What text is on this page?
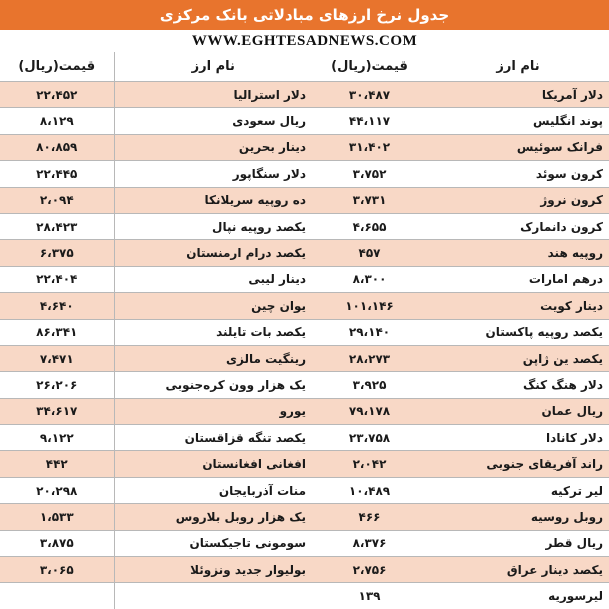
جدول نرخ ارزهای مبادلاتی بانک مرکزی
WWW.EGHTESADNEWS.COM
قیمت(ریال)	نام ارز	قیمت(ریال)	نام ارز
۲۲،۴۵۲	دلار استرالیا	۳۰،۴۸۷	دلار آمریکا
۸،۱۲۹	ریال سعودی	۴۴،۱۱۷	پوند انگلیس
۸۰،۸۵۹	دینار بحرین	۳۱،۴۰۲	فرانک سوئیس
۲۲،۴۴۵	دلار سنگاپور	۳،۷۵۲	کرون سوئد
۲،۰۹۴	ده روپیه سریلانکا	۳،۷۳۱	کرون نروژ
۲۸،۴۲۳	یکصد روپیه نپال	۴،۶۵۵	کرون دانمارک
۶،۳۷۵	یکصد درام ارمنستان	۴۵۷	روپیه هند
۲۲،۴۰۴	دینار لیبی	۸،۳۰۰	درهم امارات
۴،۶۴۰	یوان چین	۱۰۱،۱۴۶	دینار کویت
۸۶،۳۴۱	یکصد بات تایلند	۲۹،۱۴۰	یکصد روپیه پاکستان
۷،۴۷۱	رینگیت مالزی	۲۸،۲۷۳	یکصد ین ژاپن
۲۶،۲۰۶	یک هزار وون کره‌جنوبی	۳،۹۲۵	دلار هنگ کنگ
۳۴،۶۱۷	یورو	۷۹،۱۷۸	ریال عمان
۹،۱۲۲	یکصد تنگه قزاقستان	۲۳،۷۵۸	دلار کانادا
۴۴۲	افغانی افغانستان	۲،۰۴۲	راند آفریقای جنوبی
۲۰،۲۹۸	منات آذربایجان	۱۰،۴۸۹	لیر ترکیه
۱،۵۳۳	یک هزار روبل بلاروس	۴۶۶	روبل روسیه
۳،۸۷۵	سومونی تاجیکستان	۸،۳۷۶	ریال قطر
۳،۰۶۵	بولیوار جدید ونزوئلا	۲،۷۵۶	یکصد دینار عراق
		۱۳۹	لیرسوریه
